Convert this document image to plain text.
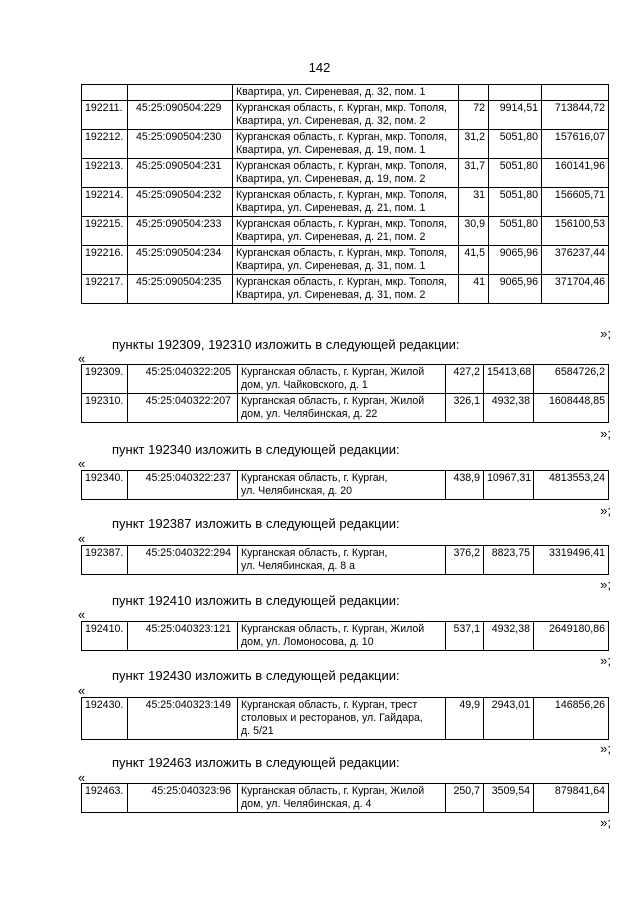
142

		Квартира, ул. Сиреневая, д. 32, пом. 1			

192211.	45:25:090504:229	Курганская область, г. Курган, мкр. Тополя,
Квартира, ул. Сиреневая, д. 32, пом. 2	72	9914,51	713844,72
192212.	45:25:090504:230	Курганская область, г. Курган, мкр. Тополя,
Квартира, ул. Сиреневая, д. 19, пом. 1	31,2	5051,80	157616,07
192213.	45:25:090504:231	Курганская область, г. Курган, мкр. Тополя,
Квартира, ул. Сиреневая, д. 19, пом. 2	31,7	5051,80	160141,96
192214.	45:25:090504:232	Курганская область, г. Курган, мкр. Тополя,
Квартира, ул. Сиреневая, д. 21, пом. 1	31	5051,80	156605,71
192215.	45:25:090504:233	Курганская область, г. Курган, мкр. Тополя,
Квартира, ул. Сиреневая, д. 21, пом. 2	30,9	5051,80	156100,53
192216.	45:25:090504:234	Курганская область, г. Курган, мкр. Тополя,
Квартира, ул. Сиреневая, д. 31, пом. 1	41,5	9065,96	376237,44
192217.	45:25:090504:235	Курганская область, г. Курган, мкр. Тополя,
Квартира, ул. Сиреневая, д. 31, пом. 2	41	9065,96	371704,46
»;
пункты 192309, 192310 изложить в следующей редакции:
«
192309.	45:25:040322:205	Курганская область, г. Курган, Жилой
дом, ул. Чайковского, д. 1	427,2	15413,68	6584726,2
192310.	45:25:040322:207	Курганская область, г. Курган, Жилой
дом, ул. Челябинская, д. 22	326,1	4932,38	1608448,85
»;
пункт 192340 изложить в следующей редакции:
«
192340.	45:25:040322:237	Курганская область, г. Курган,
ул. Челябинская, д. 20
	438,9	10967,31	4813553,24
»;
пункт 192387 изложить в следующей редакции:
«
192387.	45:25:040322:294	Курганская область, г. Курган,
ул. Челябинская, д. 8 а
	376,2	8823,75	3319496,41
»;
пункт 192410 изложить в следующей редакции:
«
192410.	45:25:040323:121	Курганская область, г. Курган, Жилой
дом, ул. Ломоносова, д. 10
	537,1	4932,38	2649180,86
»;
пункт 192430 изложить в следующей редакции:
«
192430.	45:25:040323:149	Курганская область, г. Курган, трест
столовых и ресторанов, ул. Гайдара,
д. 5/21
	49,9	2943,01	146856,26
»;
пункт 192463 изложить в следующей редакции:
«
192463.	45:25:040323:96	Курганская область, г. Курган, Жилой
дом, ул. Челябинская, д. 4
	250,7	3509,54	879841,64
»;
